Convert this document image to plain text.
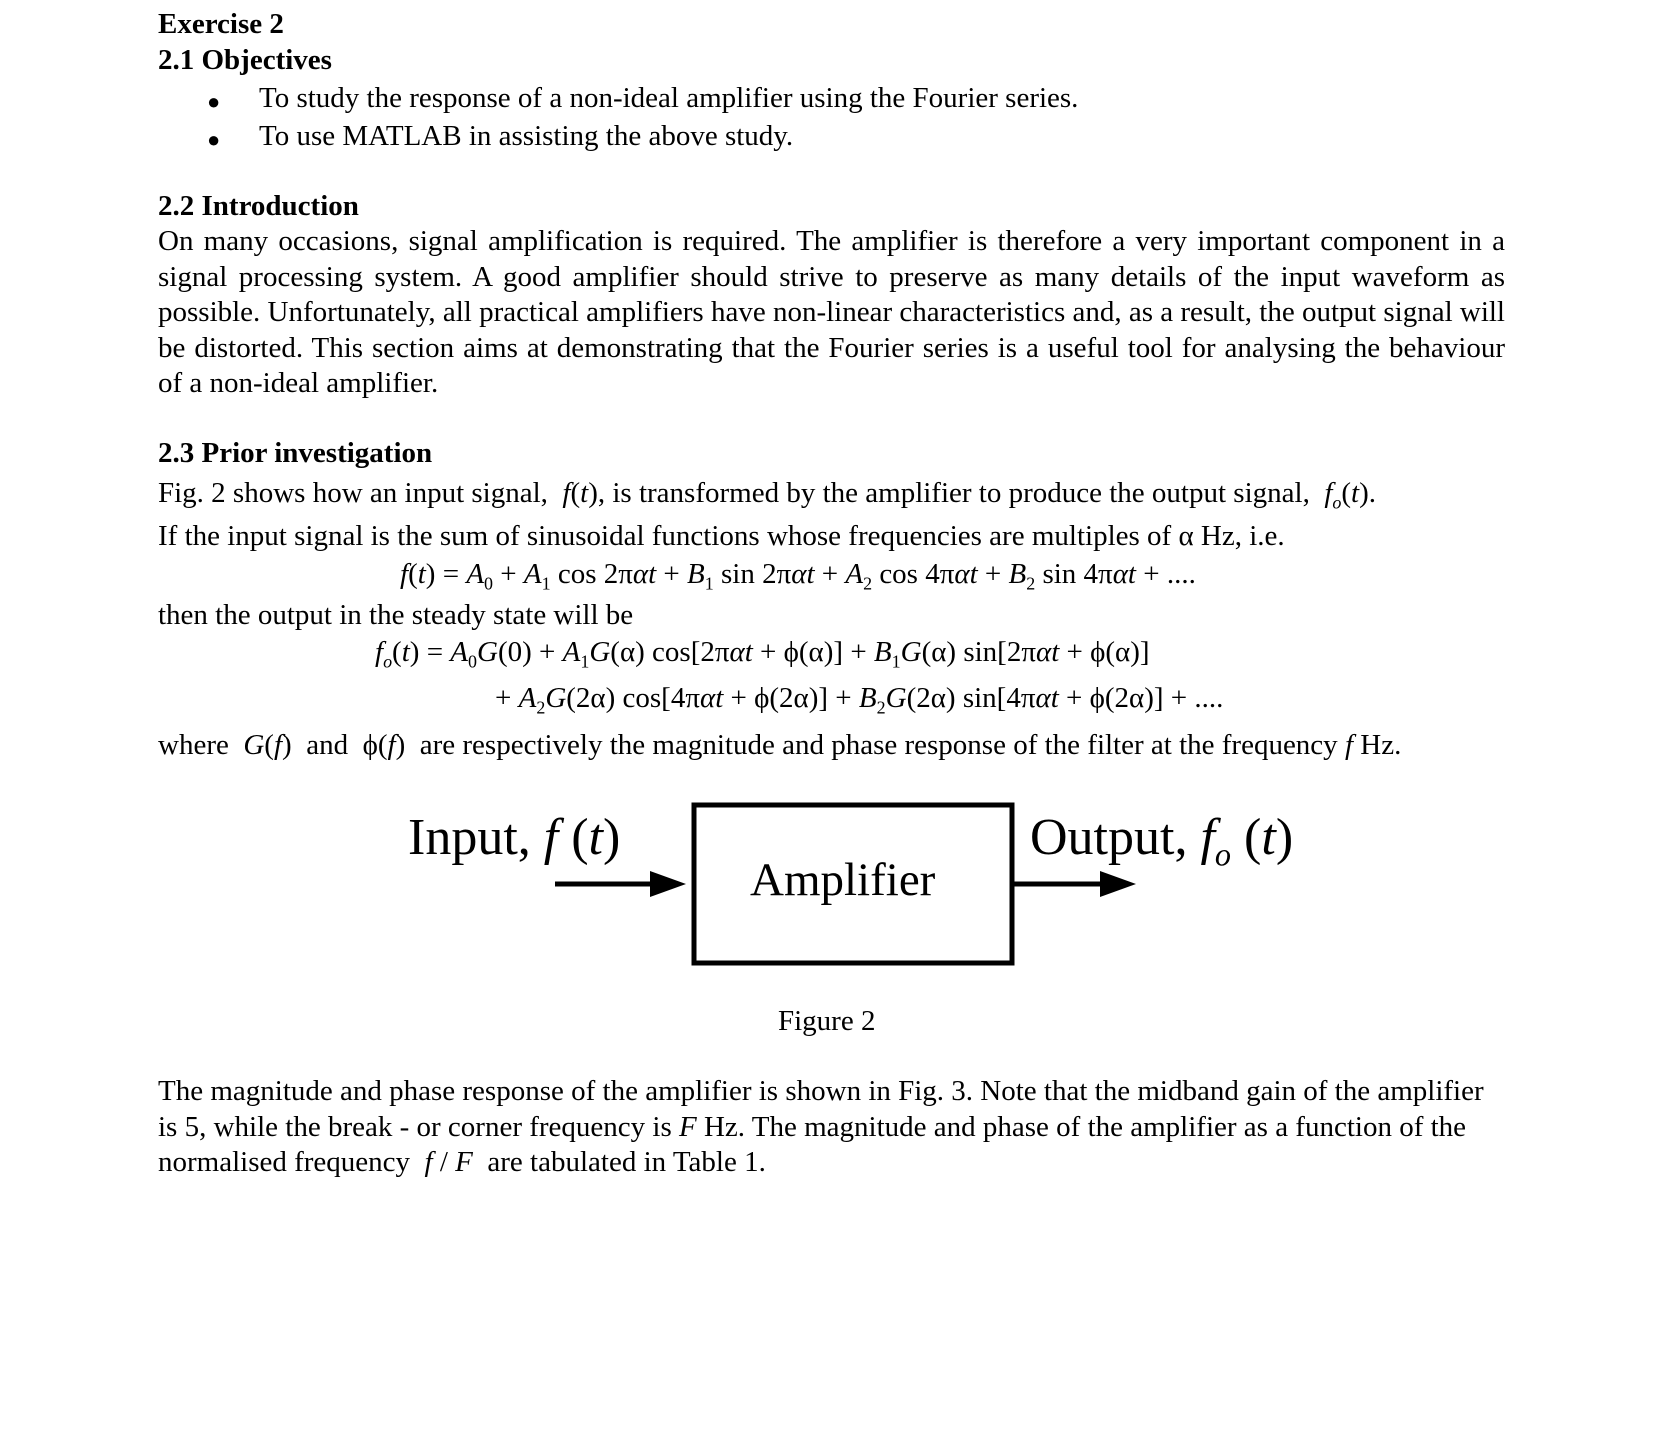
Exercise 2
2.1 Objectives
● To study the response of a non-ideal amplifier using the Fourier series.
● To use MATLAB in assisting the above study.
2.2 Introduction
On many occasions, signal amplification is required. The amplifier is therefore a very important component in a signal processing system. A good amplifier should strive to preserve as many details of the input waveform as possible. Unfortunately, all practical amplifiers have non-linear characteristics and, as a result, the output signal will be distorted. This section aims at demonstrating that the Fourier series is a useful tool for analysing the behaviour of a non-ideal amplifier.
2.3 Prior investigation
Fig. 2 shows how an input signal,  f(t), is transformed by the amplifier to produce the output signal,  $f_o(t)$.
If the input signal is the sum of sinusoidal functions whose frequencies are multiples of α Hz, i.e.
$f(t) = A_0 + A_1$ $\cos 2\pi\alpha t + B_1$ $\sin 2\pi\alpha t + A_2$ $\cos 4\pi\alpha t + B_2$ sin 4παt + ....
then the output in the steady state will be
$f_o(t) = A_0G(0) + A_1G(\alpha) \cos[2\pi\alpha t + \phi(\alpha)] + B_1G(\alpha) \sin[2\pi\alpha t + \phi(\alpha)]$
+ $A_2G(2\alpha) \cos[4\pi\alpha t + \phi(2\alpha)] + B_2G(2\alpha) \sin[4\pi\alpha t + \phi(2\alpha)]$ + ....
where G(f)  and  ϕ(f)  are respectively the magnitude and phase response of the filter at the frequency f Hz.
Input, f (t)	Output, $f_o$ (t)
Amplifier
Figure 2
The magnitude and phase response of the amplifier is shown in Fig. 3. Note that the midband gain of the amplifier is 5, while the break - or corner frequency is F Hz. The magnitude and phase of the amplifier as a function of the normalised frequency f / F are tabulated in Table 1.
